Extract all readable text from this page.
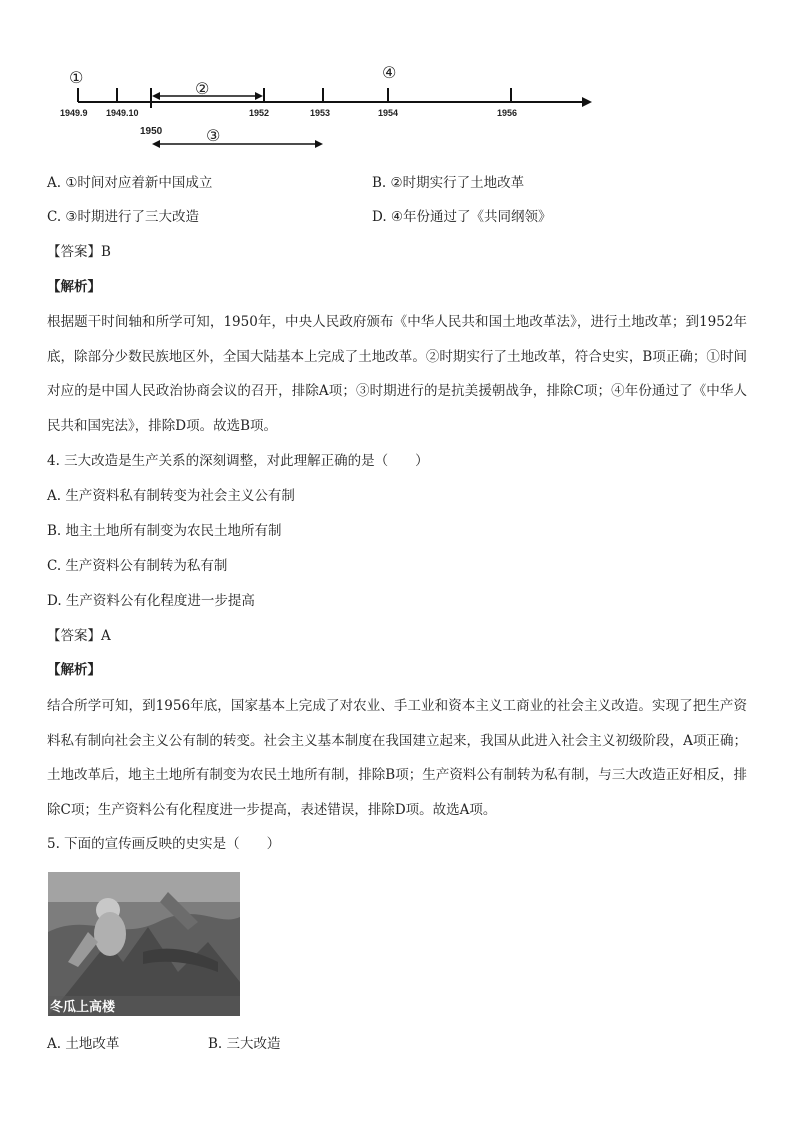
①
②
③
④
1949.9 1949.10	1952	1953	1954	1956
1950
A. ①时间对应着新中国成立	B. ②时期实行了土地改革
C. ③时期进行了三大改造	D. ④年份通过了《共同纲领》
【答案】B
【解析】
根据题干时间轴和所学可知，1950年，中央人民政府颁布《中华人民共和国土地改革法》，进行土地改革；到1952年底，除部分少数民族地区外，全国大陆基本上完成了土地改革。②时期实行了土地改革，符合史实，B项正确；①时间对应的是中国人民政治协商会议的召开，排除A项；③时期进行的是抗美援朝战争，排除C项；④年份通过了《中华人民共和国宪法》，排除D项。故选B项。
4. 三大改造是生产关系的深刻调整，对此理解正确的是（　　）
A. 生产资料私有制转变为社会主义公有制
B. 地主土地所有制变为农民土地所有制
C. 生产资料公有制转为私有制
D. 生产资料公有化程度进一步提高
【答案】A
【解析】
结合所学可知，到1956年底，国家基本上完成了对农业、手工业和资本主义工商业的社会主义改造。实现了把生产资料私有制向社会主义公有制的转变。社会主义基本制度在我国建立起来，我国从此进入社会主义初级阶段，A项正确；土地改革后，地主土地所有制变为农民土地所有制，排除B项；生产资料公有制转为私有制，与三大改造正好相反，排除C项；生产资料公有化程度进一步提高，表述错误，排除D项。故选A项。
5. 下面的宣传画反映的史实是（　　）
冬瓜上高楼
A. 土地改革	B. 三大改造
